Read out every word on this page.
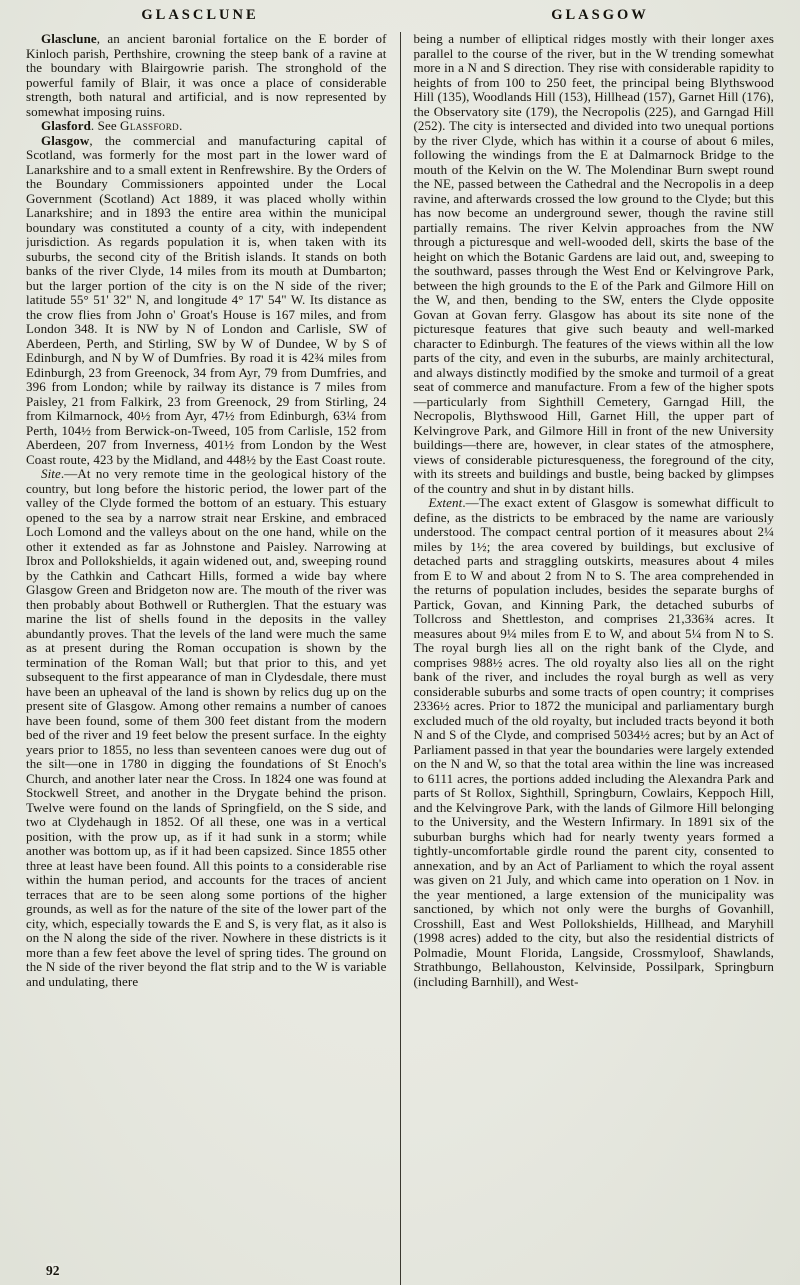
GLASCLUNE	GLASGOW

Glasclune, an ancient baronial fortalice on the E border of Kinloch parish, Perthshire, crowning the steep bank of a ravine at the boundary with Blairgowrie parish. The stronghold of the powerful family of Blair, it was once a place of considerable strength, both natural and artificial, and is now represented by somewhat imposing ruins.

Glasford. See Glassford.

Glasgow, the commercial and manufacturing capital of Scotland, was formerly for the most part in the lower ward of Lanarkshire and to a small extent in Renfrewshire. By the Orders of the Boundary Commissioners appointed under the Local Government (Scotland) Act 1889, it was placed wholly within Lanarkshire; and in 1893 the entire area within the municipal boundary was constituted a county of a city, with independent jurisdiction. As regards population it is, when taken with its suburbs, the second city of the British islands. It stands on both banks of the river Clyde, 14 miles from its mouth at Dumbarton; but the larger portion of the city is on the N side of the river; latitude 55° 51' 32" N, and longitude 4° 17' 54" W. Its distance as the crow flies from John o' Groat's House is 167 miles, and from London 348. It is NW by N of London and Carlisle, SW of Aberdeen, Perth, and Stirling, SW by W of Dundee, W by S of Edinburgh, and N by W of Dumfries. By road it is 42¾ miles from Edinburgh, 23 from Greenock, 34 from Ayr, 79 from Dumfries, and 396 from London; while by railway its distance is 7 miles from Paisley, 21 from Falkirk, 23 from Greenock, 29 from Stirling, 24 from Kilmarnock, 40½ from Ayr, 47½ from Edinburgh, 63¼ from Perth, 104½ from Berwick-on-Tweed, 105 from Carlisle, 152 from Aberdeen, 207 from Inverness, 401½ from London by the West Coast route, 423 by the Midland, and 448½ by the East Coast route.

Site.—At no very remote time in the geological history of the country, but long before the historic period, the lower part of the valley of the Clyde formed the bottom of an estuary. This estuary opened to the sea by a narrow strait near Erskine, and embraced Loch Lomond and the valleys about on the one hand, while on the other it extended as far as Johnstone and Paisley. Narrowing at Ibrox and Pollokshields, it again widened out, and, sweeping round by the Cathkin and Cathcart Hills, formed a wide bay where Glasgow Green and Bridgeton now are. The mouth of the river was then probably about Bothwell or Rutherglen. That the estuary was marine the list of shells found in the deposits in the valley abundantly proves. That the levels of the land were much the same as at present during the Roman occupation is shown by the termination of the Roman Wall; but that prior to this, and yet subsequent to the first appearance of man in Clydesdale, there must have been an upheaval of the land is shown by relics dug up on the present site of Glasgow. Among other remains a number of canoes have been found, some of them 300 feet distant from the modern bed of the river and 19 feet below the present surface. In the eighty years prior to 1855, no less than seventeen canoes were dug out of the silt—one in 1780 in digging the foundations of St Enoch's Church, and another later near the Cross. In 1824 one was found at Stockwell Street, and another in the Drygate behind the prison. Twelve were found on the lands of Springfield, on the S side, and two at Clydehaugh in 1852. Of all these, one was in a vertical position, with the prow up, as if it had sunk in a storm; while another was bottom up, as if it had been capsized. Since 1855 other three at least have been found. All this points to a considerable rise within the human period, and accounts for the traces of ancient terraces that are to be seen along some portions of the higher grounds, as well as for the nature of the site of the lower part of the city, which, especially towards the E and S, is very flat, as it also is on the N along the side of the river. Nowhere in these districts is it more than a few feet above the level of spring tides. The ground on the N side of the river beyond the flat strip and to the W is variable and undulating, there

being a number of elliptical ridges mostly with their longer axes parallel to the course of the river, but in the W trending somewhat more in a N and S direction. They rise with considerable rapidity to heights of from 100 to 250 feet, the principal being Blythswood Hill (135), Woodlands Hill (153), Hillhead (157), Garnet Hill (176), the Observatory site (179), the Necropolis (225), and Garngad Hill (252). The city is intersected and divided into two unequal portions by the river Clyde, which has within it a course of about 6 miles, following the windings from the E at Dalmarnock Bridge to the mouth of the Kelvin on the W. The Molendinar Burn swept round the NE, passed between the Cathedral and the Necropolis in a deep ravine, and afterwards crossed the low ground to the Clyde; but this has now become an underground sewer, though the ravine still partially remains. The river Kelvin approaches from the NW through a picturesque and well-wooded dell, skirts the base of the height on which the Botanic Gardens are laid out, and, sweeping to the southward, passes through the West End or Kelvingrove Park, between the high grounds to the E of the Park and Gilmore Hill on the W, and then, bending to the SW, enters the Clyde opposite Govan at Govan ferry. Glasgow has about its site none of the picturesque features that give such beauty and well-marked character to Edinburgh. The features of the views within all the low parts of the city, and even in the suburbs, are mainly architectural, and always distinctly modified by the smoke and turmoil of a great seat of commerce and manufacture. From a few of the higher spots—particularly from Sighthill Cemetery, Garngad Hill, the Necropolis, Blythswood Hill, Garnet Hill, the upper part of Kelvingrove Park, and Gilmore Hill in front of the new University buildings—there are, however, in clear states of the atmosphere, views of considerable picturesqueness, the foreground of the city, with its streets and buildings and bustle, being backed by glimpses of the country and shut in by distant hills.

Extent.—The exact extent of Glasgow is somewhat difficult to define, as the districts to be embraced by the name are variously understood. The compact central portion of it measures about 2¼ miles by 1½; the area covered by buildings, but exclusive of detached parts and straggling outskirts, measures about 4 miles from E to W and about 2 from N to S. The area comprehended in the returns of population includes, besides the separate burghs of Partick, Govan, and Kinning Park, the detached suburbs of Tollcross and Shettleston, and comprises 21,336¾ acres. It measures about 9¼ miles from E to W, and about 5¼ from N to S. The royal burgh lies all on the right bank of the Clyde, and comprises 988½ acres. The old royalty also lies all on the right bank of the river, and includes the royal burgh as well as very considerable suburbs and some tracts of open country; it comprises 2336½ acres. Prior to 1872 the municipal and parliamentary burgh excluded much of the old royalty, but included tracts beyond it both N and S of the Clyde, and comprised 5034½ acres; but by an Act of Parliament passed in that year the boundaries were largely extended on the N and W, so that the total area within the line was increased to 6111 acres, the portions added including the Alexandra Park and parts of St Rollox, Sighthill, Springburn, Cowlairs, Keppoch Hill, and the Kelvingrove Park, with the lands of Gilmore Hill belonging to the University, and the Western Infirmary. In 1891 six of the suburban burghs which had for nearly twenty years formed a tightly-uncomfortable girdle round the parent city, consented to annexation, and by an Act of Parliament to which the royal assent was given on 21 July, and which came into operation on 1 Nov. in the year mentioned, a large extension of the municipality was sanctioned, by which not only were the burghs of Govanhill, Crosshill, East and West Pollokshields, Hillhead, and Maryhill (1998 acres) added to the city, but also the residential districts of Polmadie, Mount Florida, Langside, Crossmyloof, Shawlands, Strathbungo, Bellahouston, Kelvinside, Possilpark, Springburn (including Barnhill), and West-

92
